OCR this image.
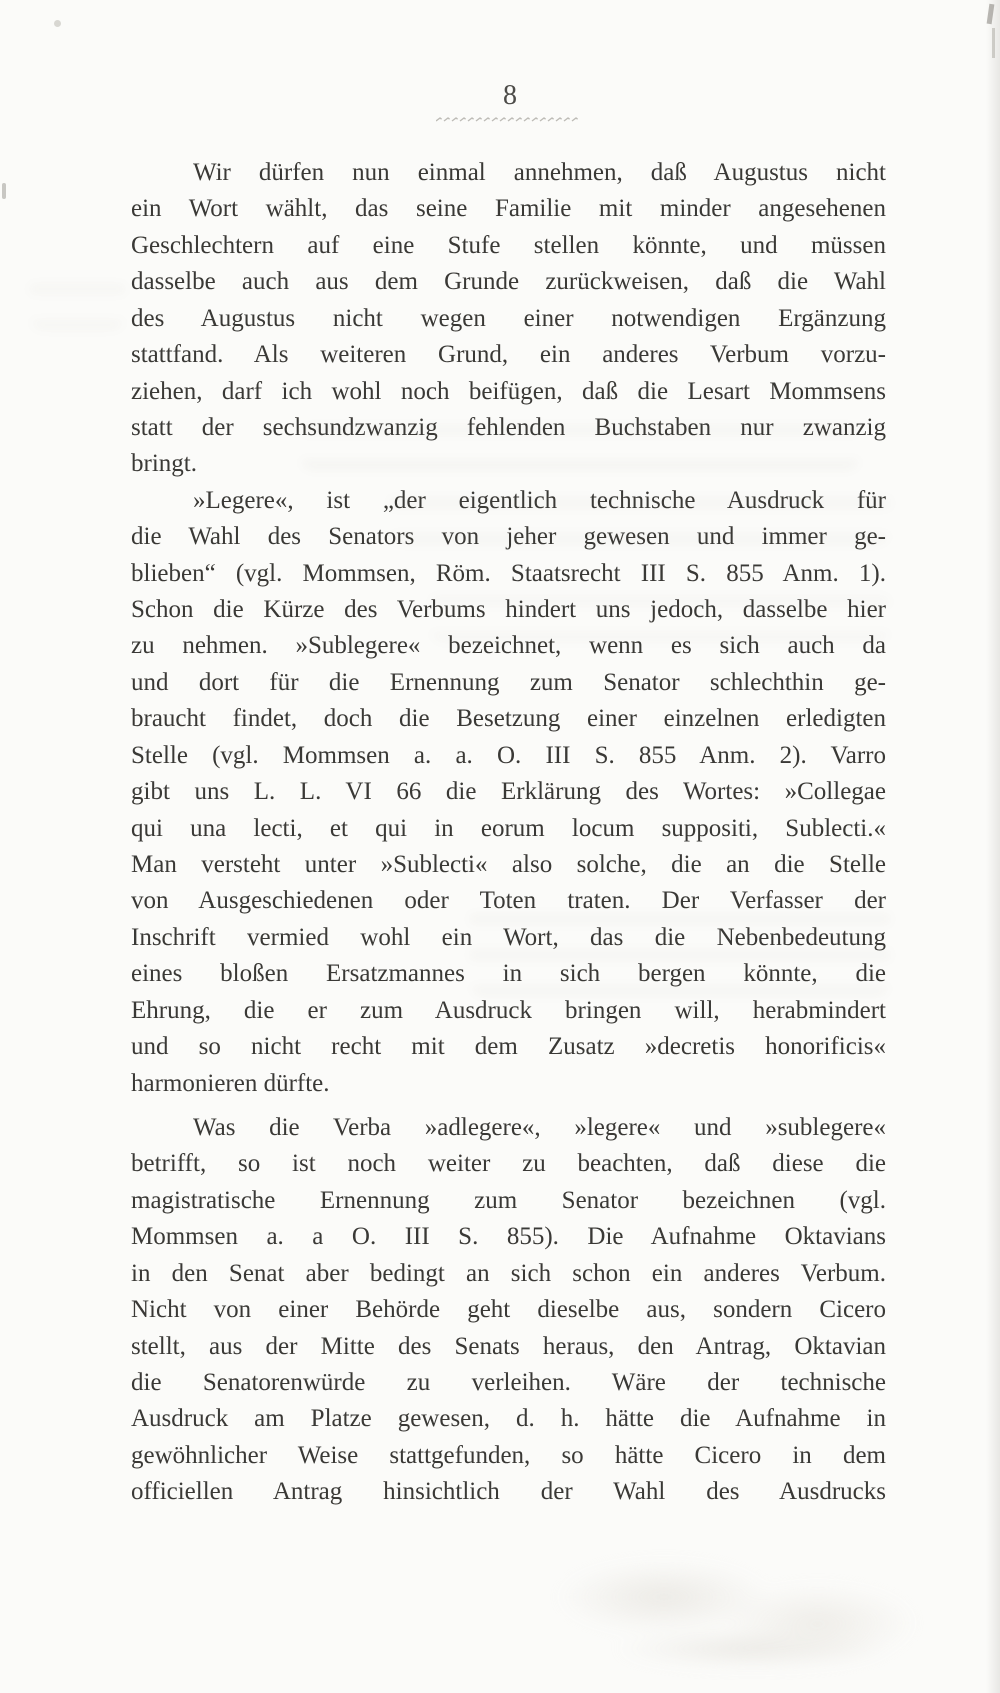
8
Wir dürfen nun einmal annehmen, daß Augustus nicht
ein Wort wählt, das seine Familie mit minder angesehenen
Geschlechtern auf eine Stufe stellen könnte, und müssen
dasselbe auch aus dem Grunde zurückweisen, daß die Wahl
des Augustus nicht wegen einer notwendigen Ergänzung
stattfand. Als weiteren Grund, ein anderes Verbum vorzu-
ziehen, darf ich wohl noch beifügen, daß die Lesart Mommsens
statt der sechsundzwanzig fehlenden Buchstaben nur zwanzig
bringt.
»Legere«, ist „der eigentlich technische Ausdruck für
die Wahl des Senators von jeher gewesen und immer ge-
blieben“ (vgl. Mommsen, Röm. Staatsrecht III S. 855 Anm. 1).
Schon die Kürze des Verbums hindert uns jedoch, dasselbe hier
zu nehmen. »Sublegere« bezeichnet, wenn es sich auch da
und dort für die Ernennung zum Senator schlechthin ge-
braucht findet, doch die Besetzung einer einzelnen erledigten
Stelle (vgl. Mommsen a. a. O. III S. 855 Anm. 2). Varro
gibt uns L. L. VI 66 die Erklärung des Wortes: »Collegae
qui una lecti, et qui in eorum locum suppositi, Sublecti.«
Man versteht unter »Sublecti« also solche, die an die Stelle
von Ausgeschiedenen oder Toten traten. Der Verfasser der
Inschrift vermied wohl ein Wort, das die Nebenbedeutung
eines bloßen Ersatzmannes in sich bergen könnte, die
Ehrung, die er zum Ausdruck bringen will, herabmindert
und so nicht recht mit dem Zusatz »decretis honorificis«
harmonieren dürfte.
Was die Verba »adlegere«, »legere« und »sublegere«
betrifft, so ist noch weiter zu beachten, daß diese die
magistratische Ernennung zum Senator bezeichnen (vgl.
Mommsen a. a O. III S. 855). Die Aufnahme Oktavians
in den Senat aber bedingt an sich schon ein anderes Verbum.
Nicht von einer Behörde geht dieselbe aus, sondern Cicero
stellt, aus der Mitte des Senats heraus, den Antrag, Oktavian
die Senatorenwürde zu verleihen. Wäre der technische
Ausdruck am Platze gewesen, d. h. hätte die Aufnahme in
gewöhnlicher Weise stattgefunden, so hätte Cicero in dem
officiellen Antrag hinsichtlich der Wahl des Ausdrucks
